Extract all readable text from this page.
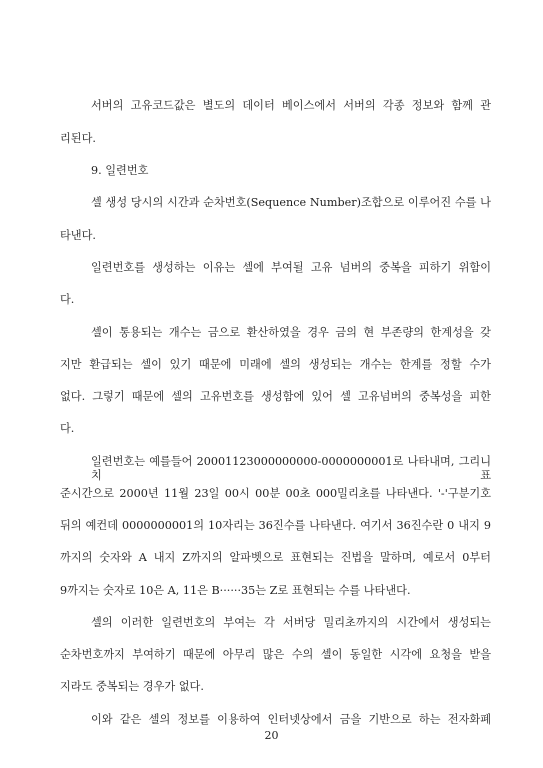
서버의 고유코드값은 별도의 데이터 베이스에서 서버의 각종 정보와 함께 관
리된다.
9. 일련번호
셀 생성 당시의 시간과 순차번호(Sequence Number)조합으로 이루어진 수를 나
타낸다.
일련번호를 생성하는 이유는 셀에 부여될 고유 넘버의 중복을 피하기 위함이
다.
셀이 통용되는 개수는 금으로 환산하였을 경우 금의 현 부존량의 한계성을 갖
지만 환급되는 셀이 있기 때문에 미래에 셀의 생성되는 개수는 한계를 정할 수가
없다. 그렇기 때문에 셀의 고유번호를 생성함에 있어 셀 고유넘버의 중복성을 피한
다.
일련번호는 예를들어 20001123000000000-0000000001로 나타내며, 그리니치 표
준시간으로 2000년 11월 23일 00시 00분 00초 000밀리초를 나타낸다. '-'구분기호
뒤의 예컨데 0000000001의 10자리는 36진수를 나타낸다. 여기서 36진수란 0 내지 9
까지의 숫자와 A 내지 Z까지의 알파벳으로 표현되는 진법을 말하며, 예로서 0부터
9까지는 숫자로 10은 A, 11은 B······35는 Z로 표현되는 수를 나타낸다.
셀의 이러한 일련번호의 부여는 각 서버당 밀리초까지의 시간에서 생성되는
순차번호까지 부여하기 때문에 아무리 많은 수의 셀이 동일한 시각에 요청을 받을
지라도 중복되는 경우가 없다.
이와 같은 셀의 정보를 이용하여 인터넷상에서 금을 기반으로 하는 전자화폐
20
